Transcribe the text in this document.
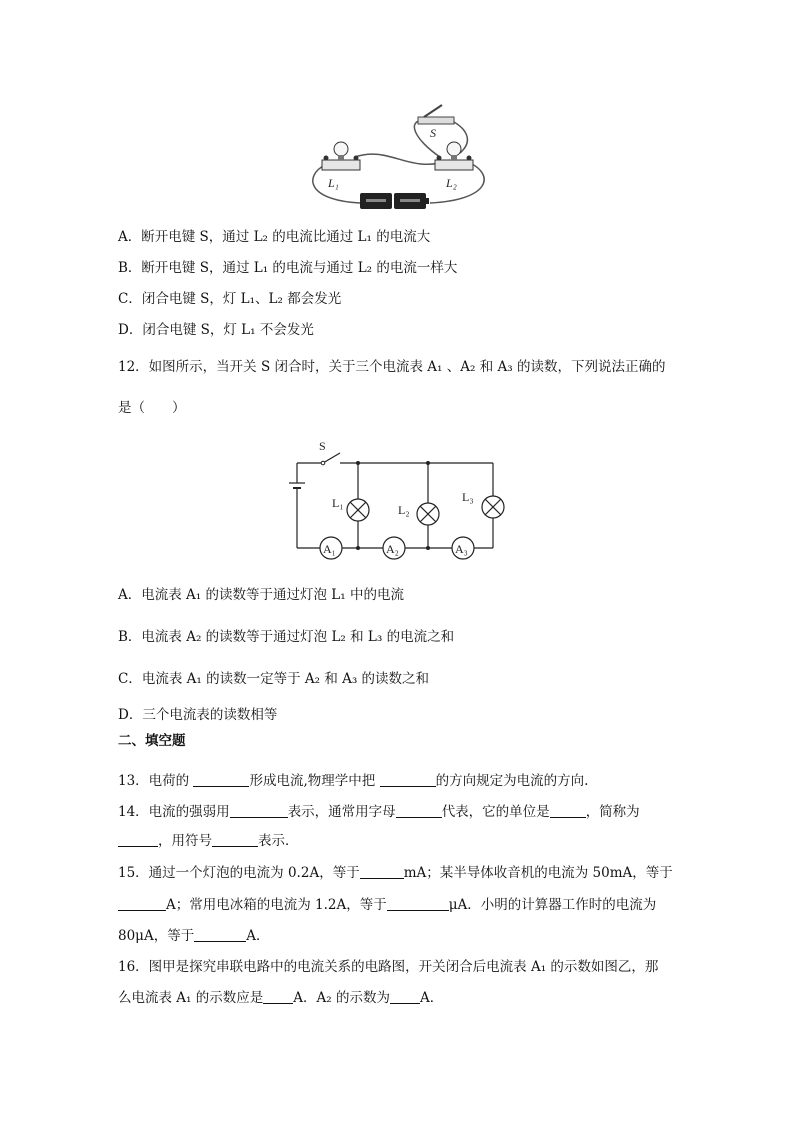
S
L₁	L₂
A．断开电键 S，通过 L₂ 的电流比通过 L₁ 的电流大
B．断开电键 S，通过 L₁ 的电流与通过 L₂ 的电流一样大
C．闭合电键 S，灯 L₁、L₂ 都会发光
D．闭合电键 S，灯 L₁ 不会发光
12．如图所示，当开关 S 闭合时，关于三个电流表 A₁ 、A₂ 和 A₃ 的读数，下列说法正确的
是（　　）
S
L₁	L₂
L₃
A₁	A₂	A₃
A．电流表 A₁ 的读数等于通过灯泡 L₁ 中的电流
B．电流表 A₂ 的读数等于通过灯泡 L₂ 和 L₃ 的电流之和
C．电流表 A₁ 的读数一定等于 A₂ 和 A₃ 的读数之和
D．三个电流表的读数相等
二、填空题
13．电荷的	形成电流,物理学中把	的方向规定为电流的方向.
14．电流的强弱用	表示，通常用字母	代表，它的单位是	，简称为
，用符号	表示．
15．通过一个灯泡的电流为 0.2A，等于	mA；某半导体收音机的电流为 50mA，等于
A；常用电冰箱的电流为 1.2A，等于	μA．小明的计算器工作时的电流为
80μA，等于	A．
16．图甲是探究串联电路中的电流关系的电路图，开关闭合后电流表 A₁ 的示数如图乙，那
么电流表 A₁ 的示数应是 A．A₂ 的示数为 A．
